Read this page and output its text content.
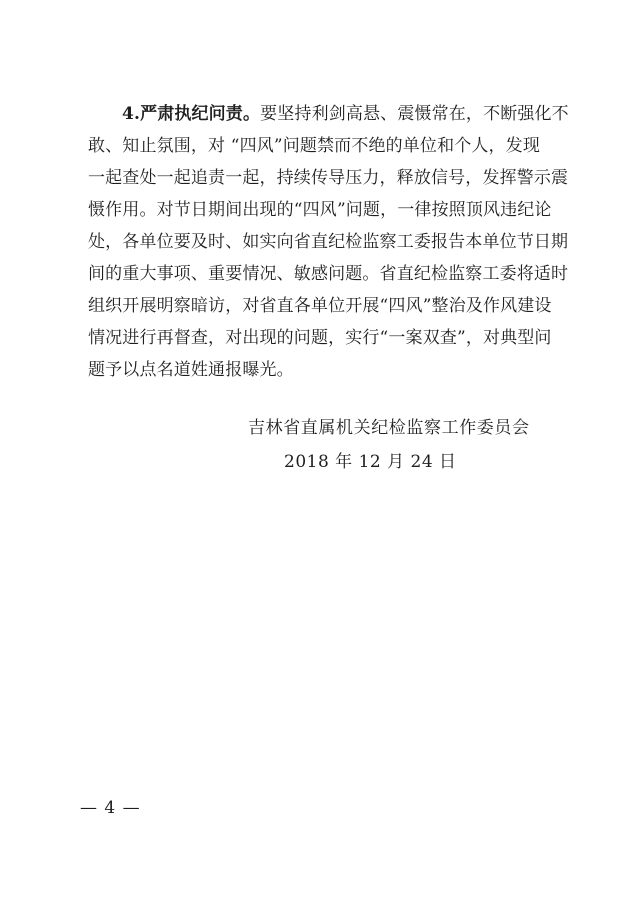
4.严肃执纪问责。要坚持利剑高悬、震慑常在，不断强化不
敢、知止氛围，对 “四风”问题禁而不绝的单位和个人，发现
一起查处一起追责一起，持续传导压力，释放信号，发挥警示震
慑作用。对节日期间出现的“四风”问题，一律按照顶风违纪论
处，各单位要及时、如实向省直纪检监察工委报告本单位节日期
间的重大事项、重要情况、敏感问题。省直纪检监察工委将适时
组织开展明察暗访，对省直各单位开展“四风”整治及作风建设
情况进行再督查，对出现的问题，实行“一案双查”，对典型问
题予以点名道姓通报曝光。
吉林省直属机关纪检监察工作委员会
2018 年 12 月 24 日
— 4 —
